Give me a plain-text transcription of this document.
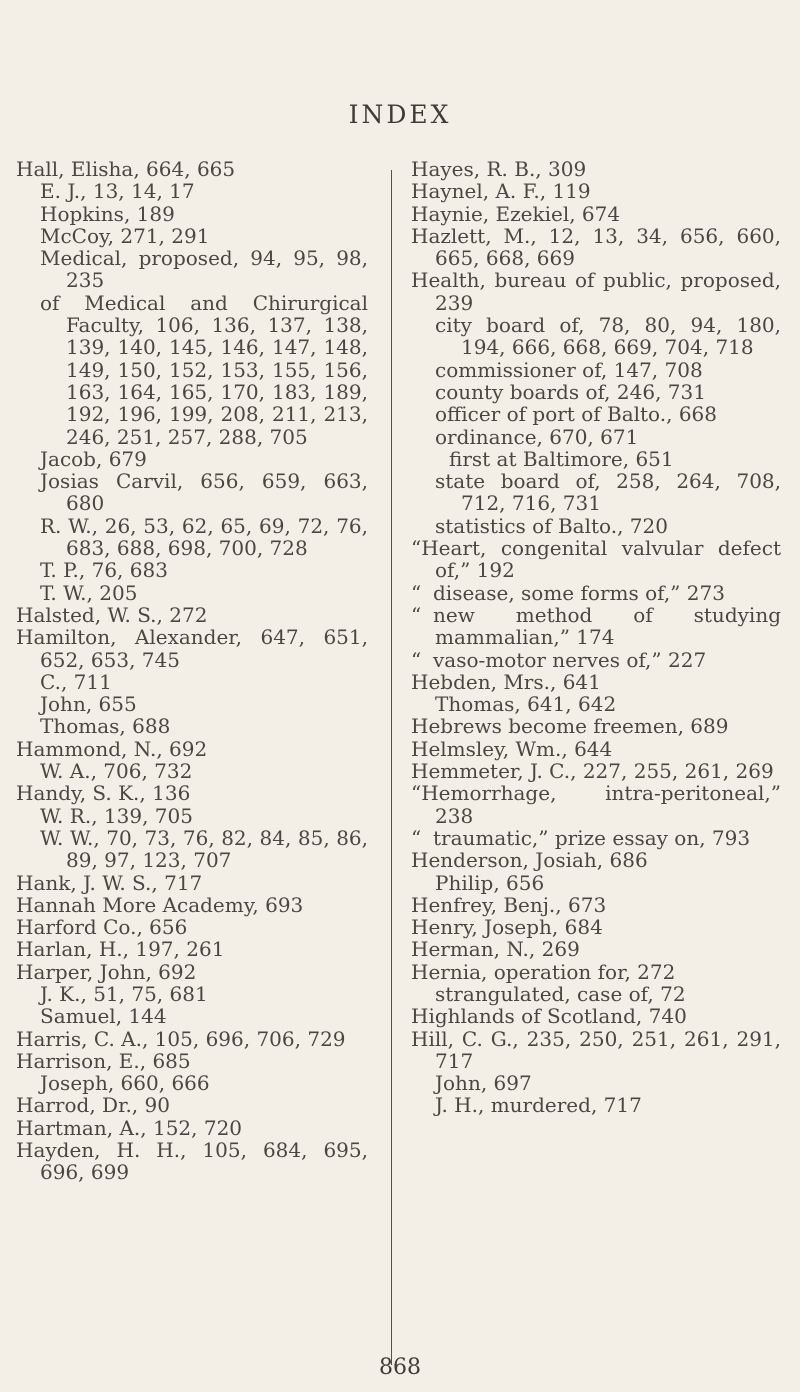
INDEX

Hall, Elisha, 664, 665

E. J., 13, 14, 17

Hopkins, 189

McCoy, 271, 291

Medical, proposed, 94, 95, 98, 235

of Medical and Chirurgical Faculty, 106, 136, 137, 138, 139, 140, 145, 146, 147, 148, 149, 150, 152, 153, 155, 156, 163, 164, 165, 170, 183, 189, 192, 196, 199, 208, 211, 213, 246, 251, 257, 288, 705

Jacob, 679

Josias Carvil, 656, 659, 663, 680

R. W., 26, 53, 62, 65, 69, 72, 76, 683, 688, 698, 700, 728

T. P., 76, 683

T. W., 205

Halsted, W. S., 272

Hamilton, Alexander, 647, 651, 652, 653, 745

C., 711

John, 655

Thomas, 688

Hammond, N., 692

W. A., 706, 732

Handy, S. K., 136

W. R., 139, 705

W. W., 70, 73, 76, 82, 84, 85, 86, 89, 97, 123, 707

Hank, J. W. S., 717

Hannah More Academy, 693

Harford Co., 656

Harlan, H., 197, 261

Harper, John, 692

J. K., 51, 75, 681

Samuel, 144

Harris, C. A., 105, 696, 706, 729

Harrison, E., 685

Joseph, 660, 666

Harrod, Dr., 90

Hartman, A., 152, 720

Hayden, H. H., 105, 684, 695, 696, 699

Hayes, R. B., 309

Haynel, A. F., 119

Haynie, Ezekiel, 674

Hazlett, M., 12, 13, 34, 656, 660, 665, 668, 669

Health, bureau of public, proposed, 239

city board of, 78, 80, 94, 180, 194, 666, 668, 669, 704, 718

commissioner of, 147, 708

county boards of, 246, 731

officer of port of Balto., 668

ordinance, 670, 671

first at Baltimore, 651

state board of, 258, 264, 708, 712, 716, 731

statistics of Balto., 720

“Heart, congenital valvular defect of,” 192

“ disease, some forms of,” 273

“ new method of studying mammalian,” 174

“ vaso-motor nerves of,” 227

Hebden, Mrs., 641

Thomas, 641, 642

Hebrews become freemen, 689

Helmsley, Wm., 644

Hemmeter, J. C., 227, 255, 261, 269

“Hemorrhage, intra-peritoneal,” 238

“ traumatic,” prize essay on, 793

Henderson, Josiah, 686

Philip, 656

Henfrey, Benj., 673

Henry, Joseph, 684

Herman, N., 269

Hernia, operation for, 272

strangulated, case of, 72

Highlands of Scotland, 740

Hill, C. G., 235, 250, 251, 261, 291, 717

John, 697

J. H., murdered, 717

868
